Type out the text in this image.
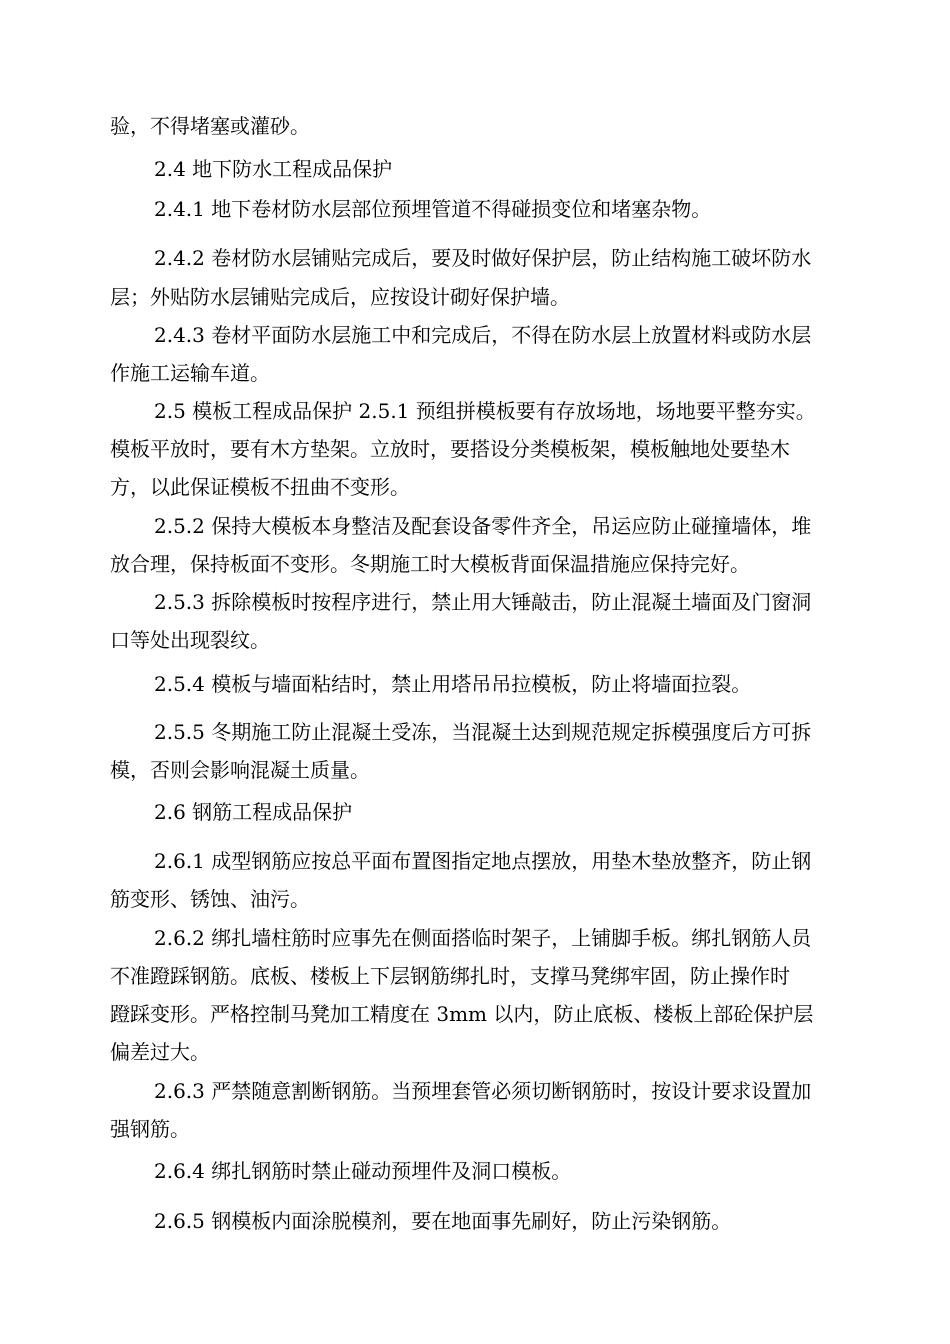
验，不得堵塞或灌砂。
2.4 地下防水工程成品保护
2.4.1 地下卷材防水层部位预埋管道不得碰损变位和堵塞杂物。
2.4.2 卷材防水层铺贴完成后，要及时做好保护层，防止结构施工破坏防水
层；外贴防水层铺贴完成后，应按设计砌好保护墙。
2.4.3 卷材平面防水层施工中和完成后，不得在防水层上放置材料或防水层
作施工运输车道。
2.5 模板工程成品保护 2.5.1 预组拼模板要有存放场地，场地要平整夯实。
模板平放时，要有木方垫架。立放时，要搭设分类模板架，模板触地处要垫木
方，以此保证模板不扭曲不变形。
2.5.2 保持大模板本身整洁及配套设备零件齐全，吊运应防止碰撞墙体，堆
放合理，保持板面不变形。冬期施工时大模板背面保温措施应保持完好。
2.5.3 拆除模板时按程序进行，禁止用大锤敲击，防止混凝土墙面及门窗洞
口等处出现裂纹。
2.5.4 模板与墙面粘结时，禁止用塔吊吊拉模板，防止将墙面拉裂。
2.5.5 冬期施工防止混凝土受冻，当混凝土达到规范规定拆模强度后方可拆
模，否则会影响混凝土质量。
2.6 钢筋工程成品保护
2.6.1 成型钢筋应按总平面布置图指定地点摆放，用垫木垫放整齐，防止钢
筋变形、锈蚀、油污。
2.6.2 绑扎墙柱筋时应事先在侧面搭临时架子，上铺脚手板。绑扎钢筋人员
不准蹬踩钢筋。底板、楼板上下层钢筋绑扎时，支撑马凳绑牢固，防止操作时
蹬踩变形。严格控制马凳加工精度在 3mm 以内，防止底板、楼板上部砼保护层
偏差过大。
2.6.3 严禁随意割断钢筋。当预埋套管必须切断钢筋时，按设计要求设置加
强钢筋。
2.6.4 绑扎钢筋时禁止碰动预埋件及洞口模板。
2.6.5 钢模板内面涂脱模剂，要在地面事先刷好，防止污染钢筋。
